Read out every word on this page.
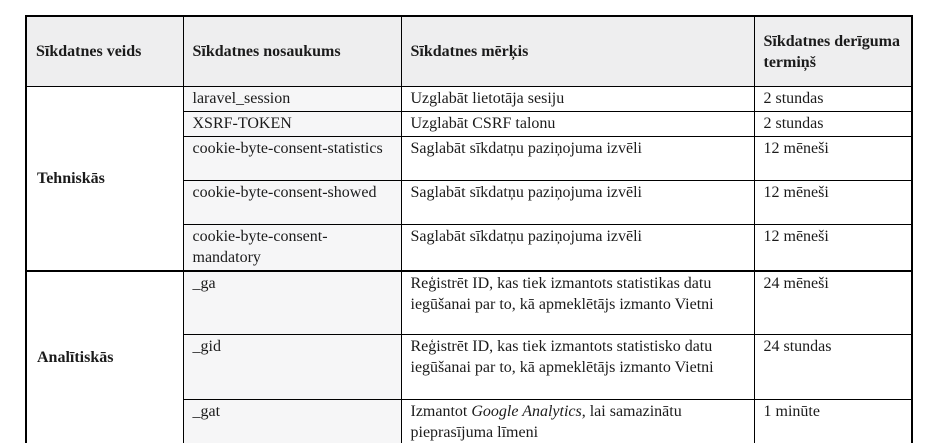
Sīkdatnes veids	Sīkdatnes nosaukums	Sīkdatnes mērķis	Sīkdatnes derīguma termiņš
Tehniskās	laravel_session	Uzglabāt lietotāja sesiju	2 stundas
	XSRF-TOKEN	Uzglabāt CSRF talonu	2 stundas
	cookie-byte-consent-statistics	Saglabāt sīkdatņu paziņojuma izvēli	12 mēneši
	cookie-byte-consent-showed	Saglabāt sīkdatņu paziņojuma izvēli	12 mēneši
	cookie-byte-consent-mandatory	Saglabāt sīkdatņu paziņojuma izvēli	12 mēneši
Analītiskās	_ga	Reģistrēt ID, kas tiek izmantots statistikas datu iegūšanai par to, kā apmeklētājs izmanto Vietni	24 mēneši
	_gid	Reģistrēt ID, kas tiek izmantots statistisko datu iegūšanai par to, kā apmeklētājs izmanto Vietni	24 stundas
	_gat	Izmantot Google Analytics, lai samazinātu pieprasījuma līmeni	1 minūte
